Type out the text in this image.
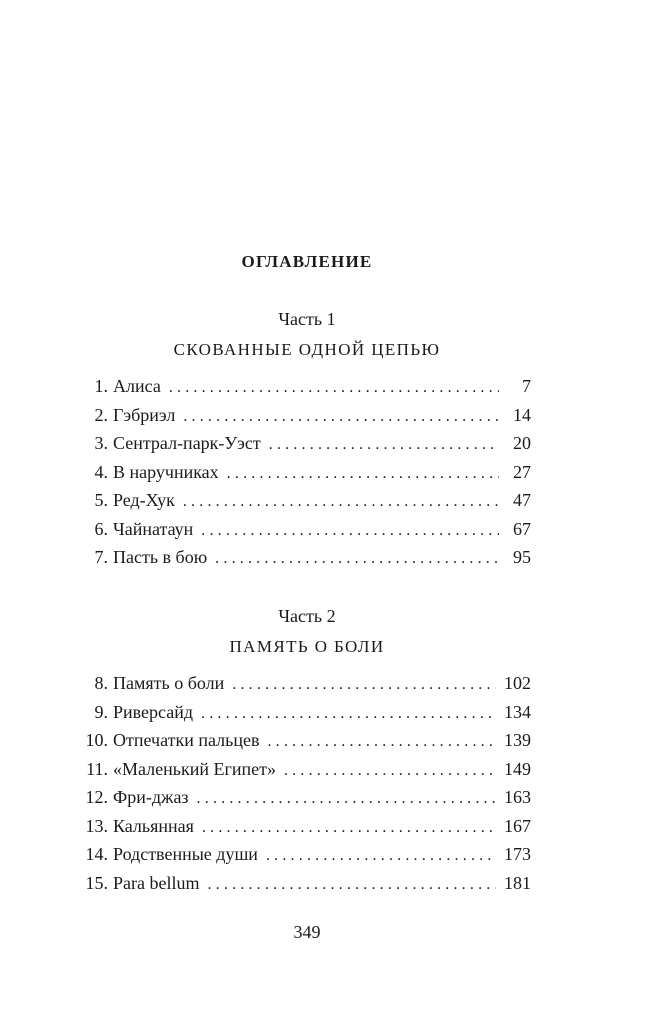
ОГЛАВЛЕНИЕ
Часть 1
СКОВАННЫЕ ОДНОЙ ЦЕПЬЮ
1. Алиса . . .	7
2. Гэбриэл . . .	14
3. Сентрал-парк-Уэст . . .	20
4. В наручниках . . .	27
5. Ред-Хук . . .	47
6. Чайнатаун . . .	67
7. Пасть в бою . . .	95
Часть 2
ПАМЯТЬ О БОЛИ
8. Память о боли . . .	102
9. Риверсайд . . .	134
10. Отпечатки пальцев . . .	139
11. «Маленький Египет» . . .	149
12. Фри-джаз . . .	163
13. Кальянная . . .	167
14. Родственные души . . .	173
15. Para bellum . . .	181
349
